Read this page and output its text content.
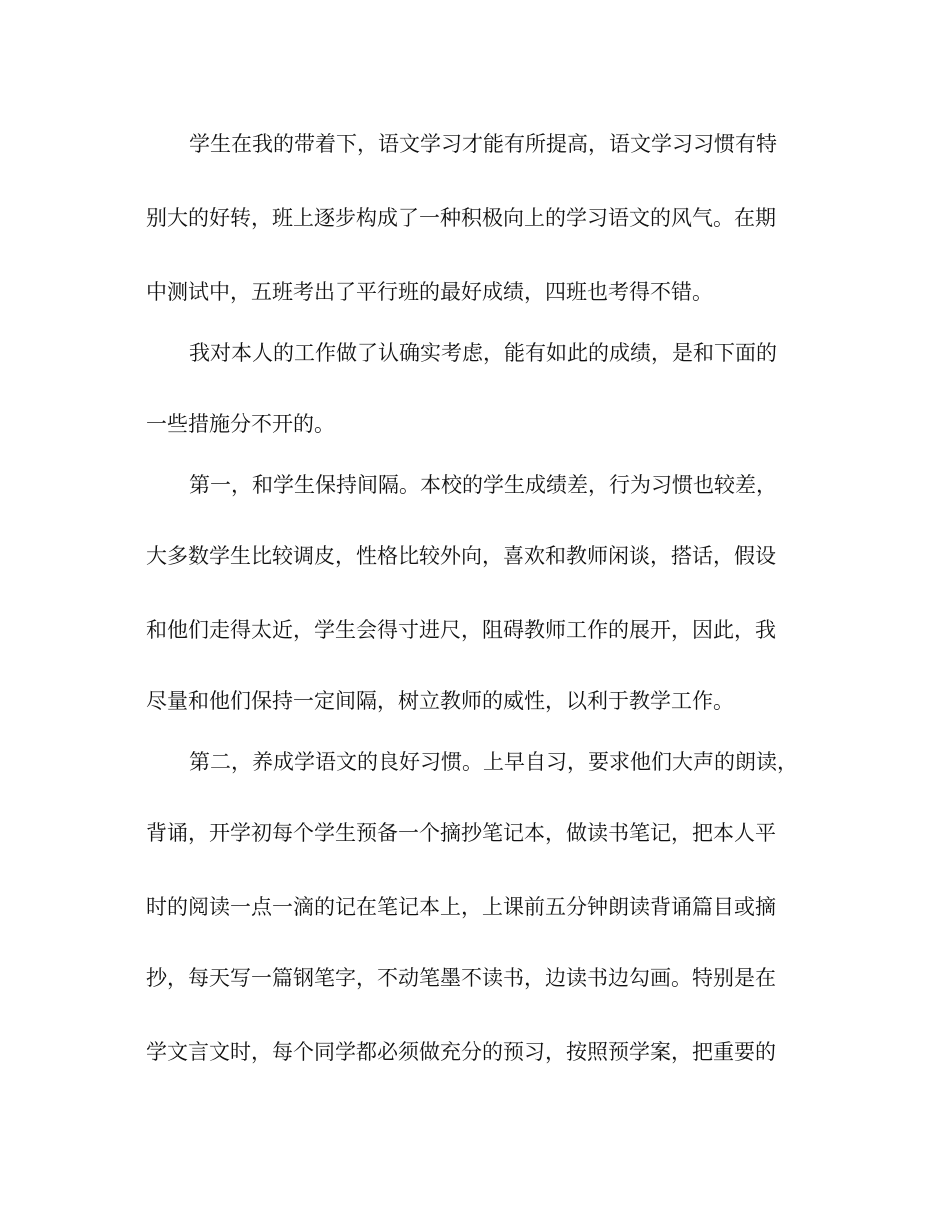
学生在我的带着下，语文学习才能有所提高，语文学习习惯有特
别大的好转，班上逐步构成了一种积极向上的学习语文的风气。在期
中测试中，五班考出了平行班的最好成绩，四班也考得不错。
我对本人的工作做了认确实考虑，能有如此的成绩，是和下面的
一些措施分不开的。
第一，和学生保持间隔。本校的学生成绩差，行为习惯也较差，
大多数学生比较调皮，性格比较外向，喜欢和教师闲谈，搭话，假设
和他们走得太近，学生会得寸进尺，阻碍教师工作的展开，因此，我
尽量和他们保持一定间隔，树立教师的威性，以利于教学工作。
第二，养成学语文的良好习惯。上早自习，要求他们大声的朗读，
背诵，开学初每个学生预备一个摘抄笔记本，做读书笔记，把本人平
时的阅读一点一滴的记在笔记本上，上课前五分钟朗读背诵篇目或摘
抄，每天写一篇钢笔字，不动笔墨不读书，边读书边勾画。特别是在
学文言文时，每个同学都必须做充分的预习，按照预学案，把重要的
